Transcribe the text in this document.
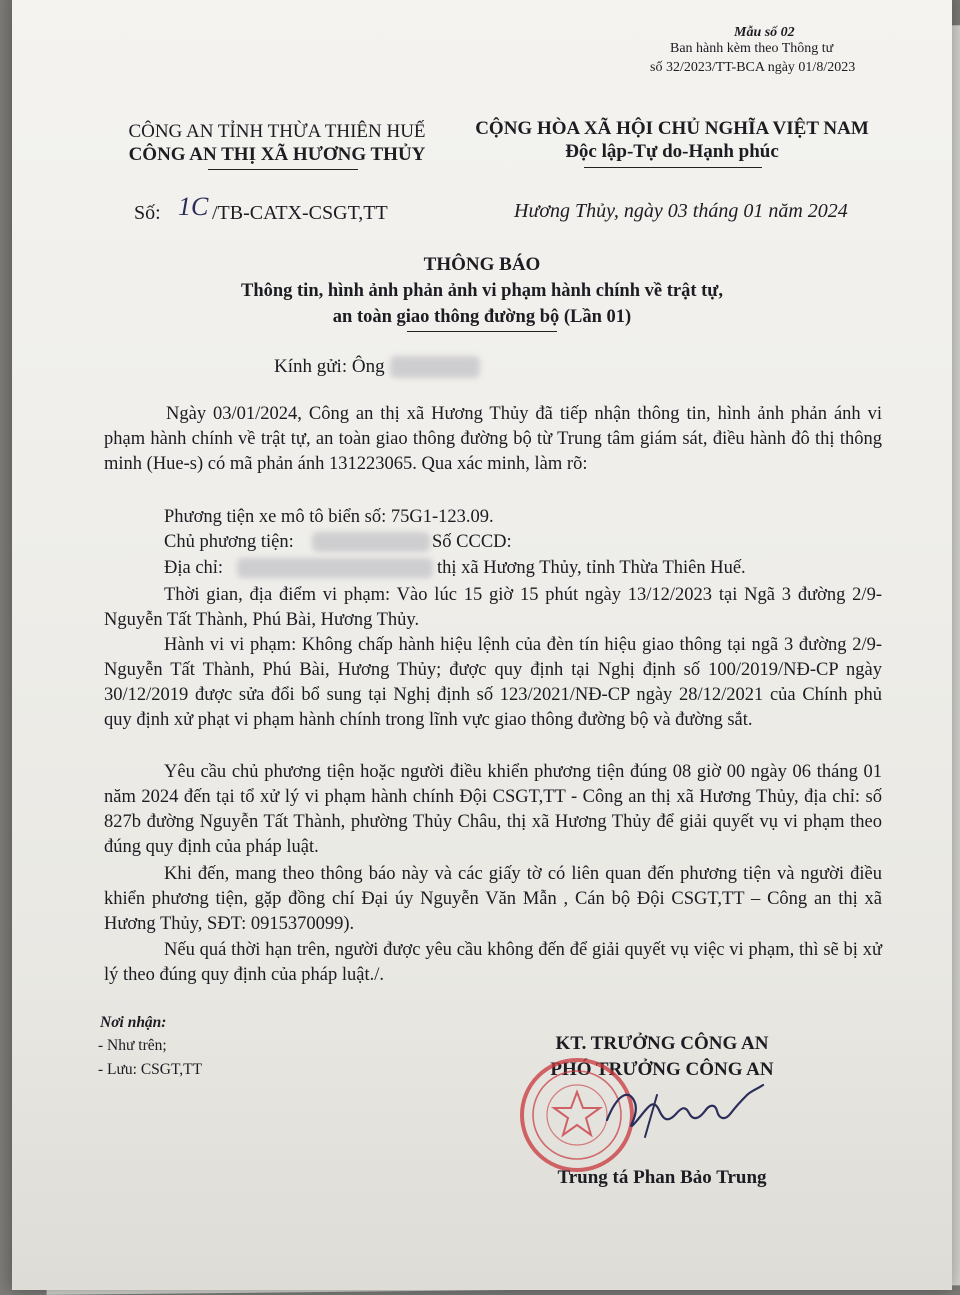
Mẫu số 02
Ban hành kèm theo Thông tư
số 32/2023/TT-BCA ngày 01/8/2023
CÔNG AN TỈNH THỪA THIÊN HUẾ
CÔNG AN THỊ XÃ HƯƠNG THỦY
CỘNG HÒA XÃ HỘI CHỦ NGHĨA VIỆT NAM
Độc lập-Tự do-Hạnh phúc
Số: 1C /TB-CATX-CSGT,TT	Hương Thủy, ngày 03 tháng 01 năm 2024
THÔNG BÁO
Thông tin, hình ảnh phản ảnh vi phạm hành chính về trật tự,
an toàn giao thông đường bộ (Lần 01)
Kính gửi: Ông
Ngày 03/01/2024, Công an thị xã Hương Thủy đã tiếp nhận thông tin, hình ảnh phản ánh vi phạm hành chính về trật tự, an toàn giao thông đường bộ từ Trung tâm giám sát, điều hành đô thị thông minh (Hue-s) có mã phản ánh 131223065. Qua xác minh, làm rõ:
Phương tiện xe mô tô biển số: 75G1-123.09.
Chủ phương tiện:	Số CCCD:
Địa chỉ:	thị xã Hương Thủy, tỉnh Thừa Thiên Huế.
Thời gian, địa điểm vi phạm: Vào lúc 15 giờ 15 phút ngày 13/12/2023 tại Ngã 3 đường 2/9- Nguyễn Tất Thành, Phú Bài, Hương Thủy.
Hành vi vi phạm: Không chấp hành hiệu lệnh của đèn tín hiệu giao thông tại ngã 3 đường 2/9- Nguyễn Tất Thành, Phú Bài, Hương Thủy; được quy định tại Nghị định số 100/2019/NĐ-CP ngày 30/12/2019 được sửa đổi bổ sung tại Nghị định số 123/2021/NĐ-CP ngày 28/12/2021 của Chính phủ quy định xử phạt vi phạm hành chính trong lĩnh vực giao thông đường bộ và đường sắt.
Yêu cầu chủ phương tiện hoặc người điều khiển phương tiện đúng 08 giờ 00 ngày 06 tháng 01 năm 2024 đến tại tổ xử lý vi phạm hành chính Đội CSGT,TT - Công an thị xã Hương Thủy, địa chỉ: số 827b đường Nguyễn Tất Thành, phường Thủy Châu, thị xã Hương Thủy để giải quyết vụ vi phạm theo đúng quy định của pháp luật.
Khi đến, mang theo thông báo này và các giấy tờ có liên quan đến phương tiện và người điều khiển phương tiện, gặp đồng chí Đại úy Nguyễn Văn Mẫn , Cán bộ Đội CSGT,TT – Công an thị xã Hương Thủy, SĐT: 0915370099).
Nếu quá thời hạn trên, người được yêu cầu không đến để giải quyết vụ việc vi phạm, thì sẽ bị xử lý theo đúng quy định của pháp luật./.
Nơi nhận:
- Như trên;
- Lưu: CSGT,TT
KT. TRƯỞNG CÔNG AN
PHÓ TRƯỞNG CÔNG AN
Trung tá Phan Bảo Trung
